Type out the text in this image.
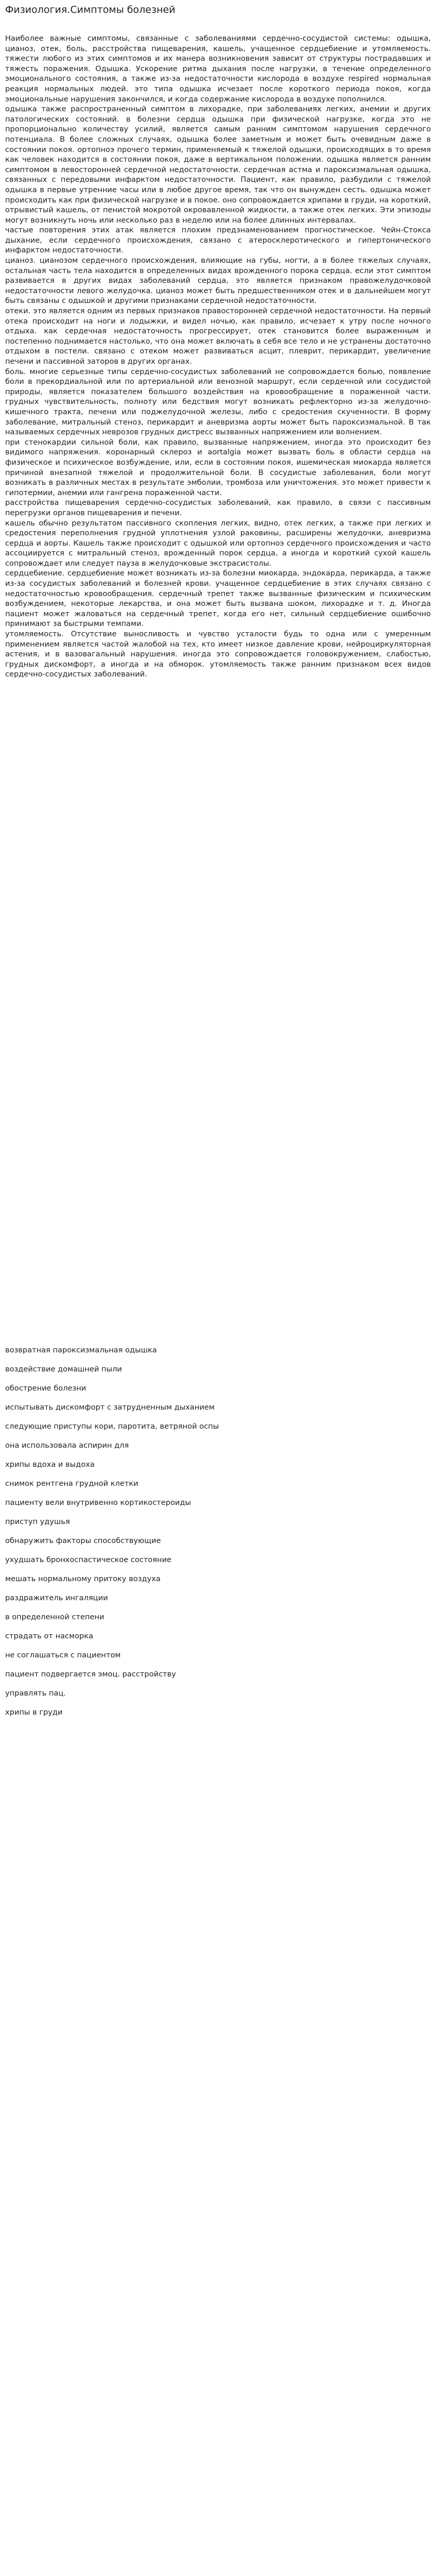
Физиология.Симптомы болезней

Наиболее важные симптомы, связанные с заболеваниями сердечно-сосудистой системы: одышка, цианоз, отек, боль, расстройства пищеварения, кашель, учащенное сердцебиение и утомляемость. тяжести любого из этих симптомов и их манера возникновения зависит от структуры пострадавших и тяжесть поражения. Одышка. Ускорение ритма дыхания после нагрузки, в течение определенного эмоционального состояния, а также из-за недостаточности кислорода в воздухе respired нормальная реакция нормальных людей. это типа одышка исчезает после короткого периода покоя, когда эмоциональные нарушения закончился, и когда содержание кислорода в воздухе пополнился.

одышка также распространенный симптом в лихорадке, при заболеваниях легких, анемии и других патологических состояний. в болезни сердца одышка при физической нагрузке, когда это не пропорционально количеству усилий, является самым ранним симптомом нарушения сердечного потенциала. В более сложных случаях, одышка более заметным и может быть очевидным даже в состоянии покоя. ортопноэ прочего термин, применяемый к тяжелой одышки, происходящих в то время как человек находится в состоянии покоя, даже в вертикальном положении. одышка является ранним симптомом в левосторонней сердечной недостаточности. сердечная астма и пароксизмальная одышка, связанных с передовыми инфарктом недостаточности. Пациент, как правило, разбудили с тяжелой одышка в первые утренние часы или в любое другое время, так что он вынужден сесть. одышка может происходить как при физической нагрузке и в покое. оно сопровождается хрипами в груди, на короткий, отрывистый кашель, от пенистой мокротой окровавленной жидкости, а также отек легких. Эти эпизоды могут возникнуть ночь или несколько раз в неделю или на более длинных интервалах.

частые повторения этих атак является плохим предзнаменованием прогностическое. Чейн-Стокса дыхание, если сердечного происхождения, связано с атеросклеротического и гипертонического инфарктом недостаточности.

цианоз. цианозом сердечного происхождения, влияющие на губы, ногти, а в более тяжелых случаях, остальная часть тела находится в определенных видах врожденного порока сердца. если этот симптом развивается в других видах заболеваний сердца, это является признаком правожелудочковой недостаточности левого желудочка. цианоз может быть предшественником отек и в дальнейшем могут быть связаны с одышкой и другими признаками сердечной недостаточности.

отеки. это является одним из первых признаков правосторонней сердечной недостаточности. На первый отека происходит на ноги и лодыжки, и видел ночью, как правило, исчезает к утру после ночного отдыха. как сердечная недостаточность прогрессирует, отек становится более выраженным и постепенно поднимается настолько, что она может включать в себя все тело и не устранены достаточно отдыхом в постели. связано с отеком может развиваться асцит, плеврит, перикардит, увеличение печени и пассивной заторов в других органах.

боль. многие серьезные типы сердечно-сосудистых заболеваний не сопровождается болью, появление боли в прекордиальной или по артериальной или венозной маршрут, если сердечной или сосудистой природы, является показателем большого воздействия на кровообращение в пораженной части. грудных чувствительность, полноту или бедствия могут возникать рефлекторно из-за желудочно-кишечного тракта, печени или поджелудочной железы, либо с средостения скученности. В форму заболевание, митральный стеноз, перикардит и аневризма аорты может быть пароксизмальной. В так называемых сердечных неврозов грудных дистресс вызванных напряжением или волнением.

при стенокардии сильной боли, как правило, вызванные напряжением, иногда это происходит без видимого напряжения. коронарный склероз и aortalgia может вызвать боль в области сердца на физическое и психическое возбуждение, или, если в состоянии покоя, ишемическая миокарда является причиной внезапной тяжелой и продолжительной боли. В сосудистые заболевания, боли могут возникать в различных местах в результате эмболии, тромбоза или уничтожения. это может привести к гипотермии, анемии или гангрена пораженной части.

расстройства пищеварения сердечно-сосудистых заболеваний, как правило, в связи с пассивным перегрузки органов пищеварения и печени.

кашель обычно результатом пассивного скопления легких, видно, отек легких, а также при легких и средостения переполнения грудной уплотнения узлой раковины, расширены желудочки, аневризма сердца и аорты. Кашель также происходит с одышкой или ортопноэ сердечного происхождения и часто ассоциируется с митральный стеноз, врожденный порок сердца, а иногда и короткий сухой кашель сопровождает или следует пауза в желудочковые экстрасистолы.

сердцебиение. сердцебиение может возникать из-за болезни миокарда, эндокарда, перикарда, а также из-за сосудистых заболеваний и болезней крови. учащенное сердцебиение в этих случаях связано с недостаточностью кровообращения. сердечный трепет также вызванные физическим и психическим возбуждением, некоторые лекарства, и она может быть вызвана шоком, лихорадке и т. д. Иногда пациент может жаловаться на сердечный трепет, когда его нет, сильный сердцебиение ошибочно принимают за быстрыми темпами.

утомляемость. Отсутствие выносливость и чувство усталости будь то одна или с умеренным применением является частой жалобой на тех, кто имеет низкое давление крови, нейроциркуляторная астения, и в вазовагальный нарушения. иногда это сопровождается головокружением, слабостью, грудных дискомфорт, а иногда и на обморок. утомляемость также ранним признаком всех видов сердечно-сосудистых заболеваний.

возвратная пароксизмальная одышка
воздействие домашней пыли
обострение болезни
испытывать дискомфорт с затрудненным дыханием
следующие приступы кори, паротита, ветряной оспы
она использовала аспирин для
хрипы вдоха и выдоха
снимок рентгена грудной клетки
пациенту вели внутривенно кортикостероиды
приступ удушья
обнаружить факторы способствующие
ухудшать бронхоспастическое состояние
мешать нормальному притоку воздуха
раздражитель ингаляции
в определенной степени
страдать от насморка
не соглашаться с пациентом
пациент подвергается эмоц. расстройству
управлять пац.
хрипы в груди
